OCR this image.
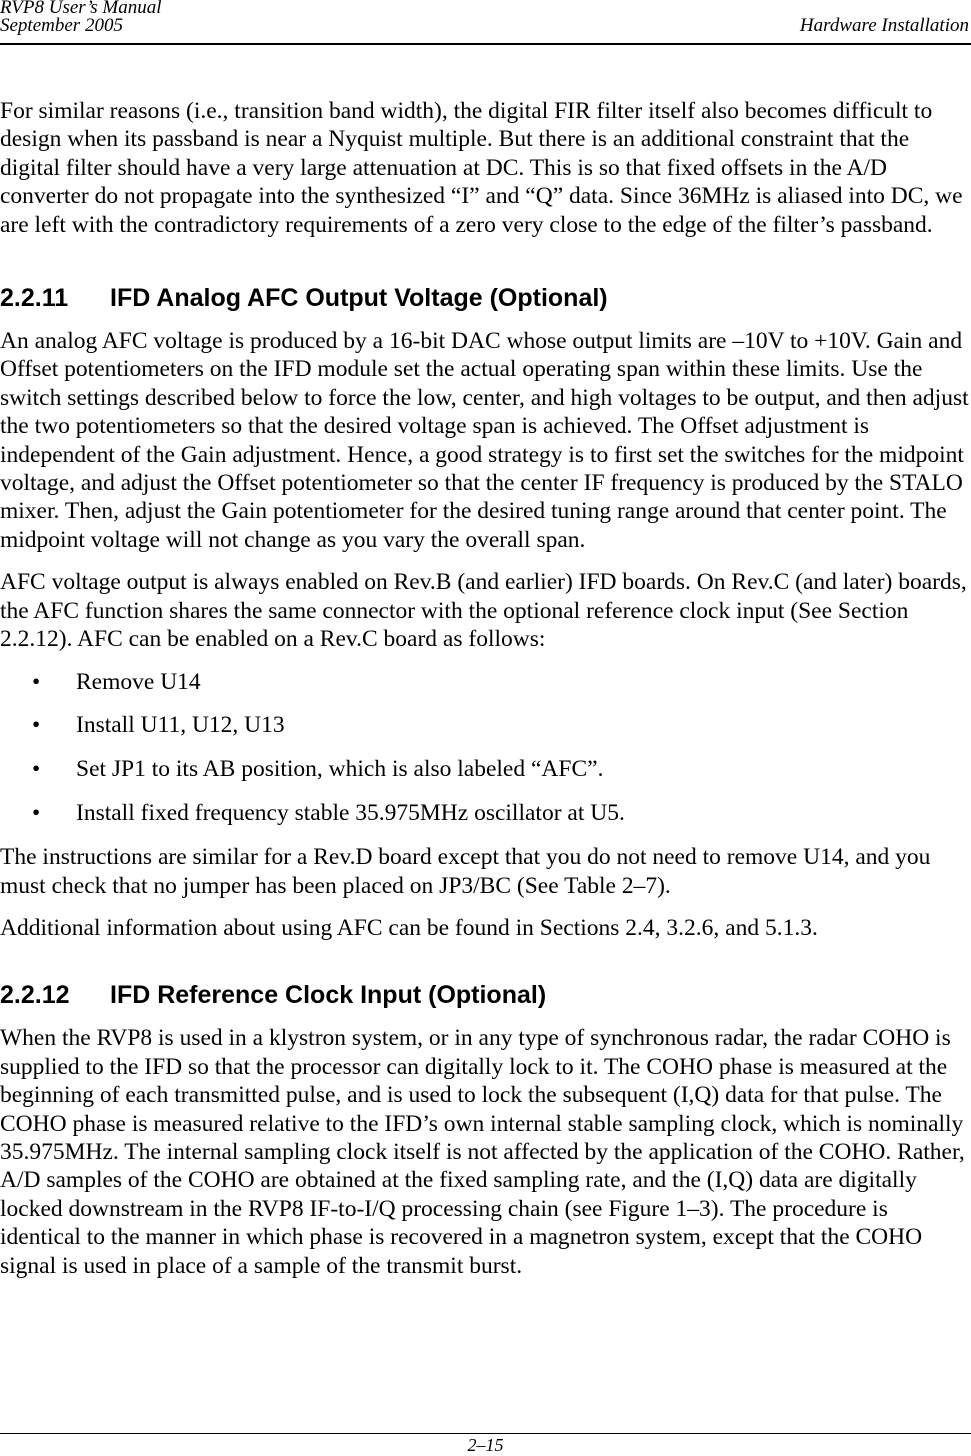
RVP8 User’s Manual
September 2005	Hardware Installation

For similar reasons (i.e., transition band width), the digital FIR filter itself also becomes difficult to design when its passband is near a Nyquist multiple. But there is an additional constraint that the digital filter should have a very large attenuation at DC. This is so that fixed offsets in the A/D converter do not propagate into the synthesized “I” and “Q” data. Since 36MHz is aliased into DC, we are left with the contradictory requirements of a zero very close to the edge of the filter’s passband.

2.2.11 IFD Analog AFC Output Voltage (Optional)

An analog AFC voltage is produced by a 16-bit DAC whose output limits are –10V to +10V. Gain and Offset potentiometers on the IFD module set the actual operating span within these limits. Use the switch settings described below to force the low, center, and high voltages to be output, and then adjust the two potentiometers so that the desired voltage span is achieved. The Offset adjustment is independent of the Gain adjustment. Hence, a good strategy is to first set the switches for the midpoint voltage, and adjust the Offset potentiometer so that the center IF frequency is produced by the STALO mixer. Then, adjust the Gain potentiometer for the desired tuning range around that center point. The midpoint voltage will not change as you vary the overall span.

AFC voltage output is always enabled on Rev.B (and earlier) IFD boards. On Rev.C (and later) boards, the AFC function shares the same connector with the optional reference clock input (See Section 2.2.12). AFC can be enabled on a Rev.C board as follows:

• Remove U14
• Install U11, U12, U13
• Set JP1 to its AB position, which is also labeled “AFC”.
• Install fixed frequency stable 35.975MHz oscillator at U5.

The instructions are similar for a Rev.D board except that you do not need to remove U14, and you must check that no jumper has been placed on JP3/BC (See Table 2–7).

Additional information about using AFC can be found in Sections 2.4, 3.2.6, and 5.1.3.

2.2.12 IFD Reference Clock Input (Optional)

When the RVP8 is used in a klystron system, or in any type of synchronous radar, the radar COHO is supplied to the IFD so that the processor can digitally lock to it. The COHO phase is measured at the beginning of each transmitted pulse, and is used to lock the subsequent (I,Q) data for that pulse. The COHO phase is measured relative to the IFD’s own internal stable sampling clock, which is nominally 35.975MHz. The internal sampling clock itself is not affected by the application of the COHO. Rather, A/D samples of the COHO are obtained at the fixed sampling rate, and the (I,Q) data are digitally locked downstream in the RVP8 IF-to-I/Q processing chain (see Figure 1–3). The procedure is identical to the manner in which phase is recovered in a magnetron system, except that the COHO signal is used in place of a sample of the transmit burst.

2–15
